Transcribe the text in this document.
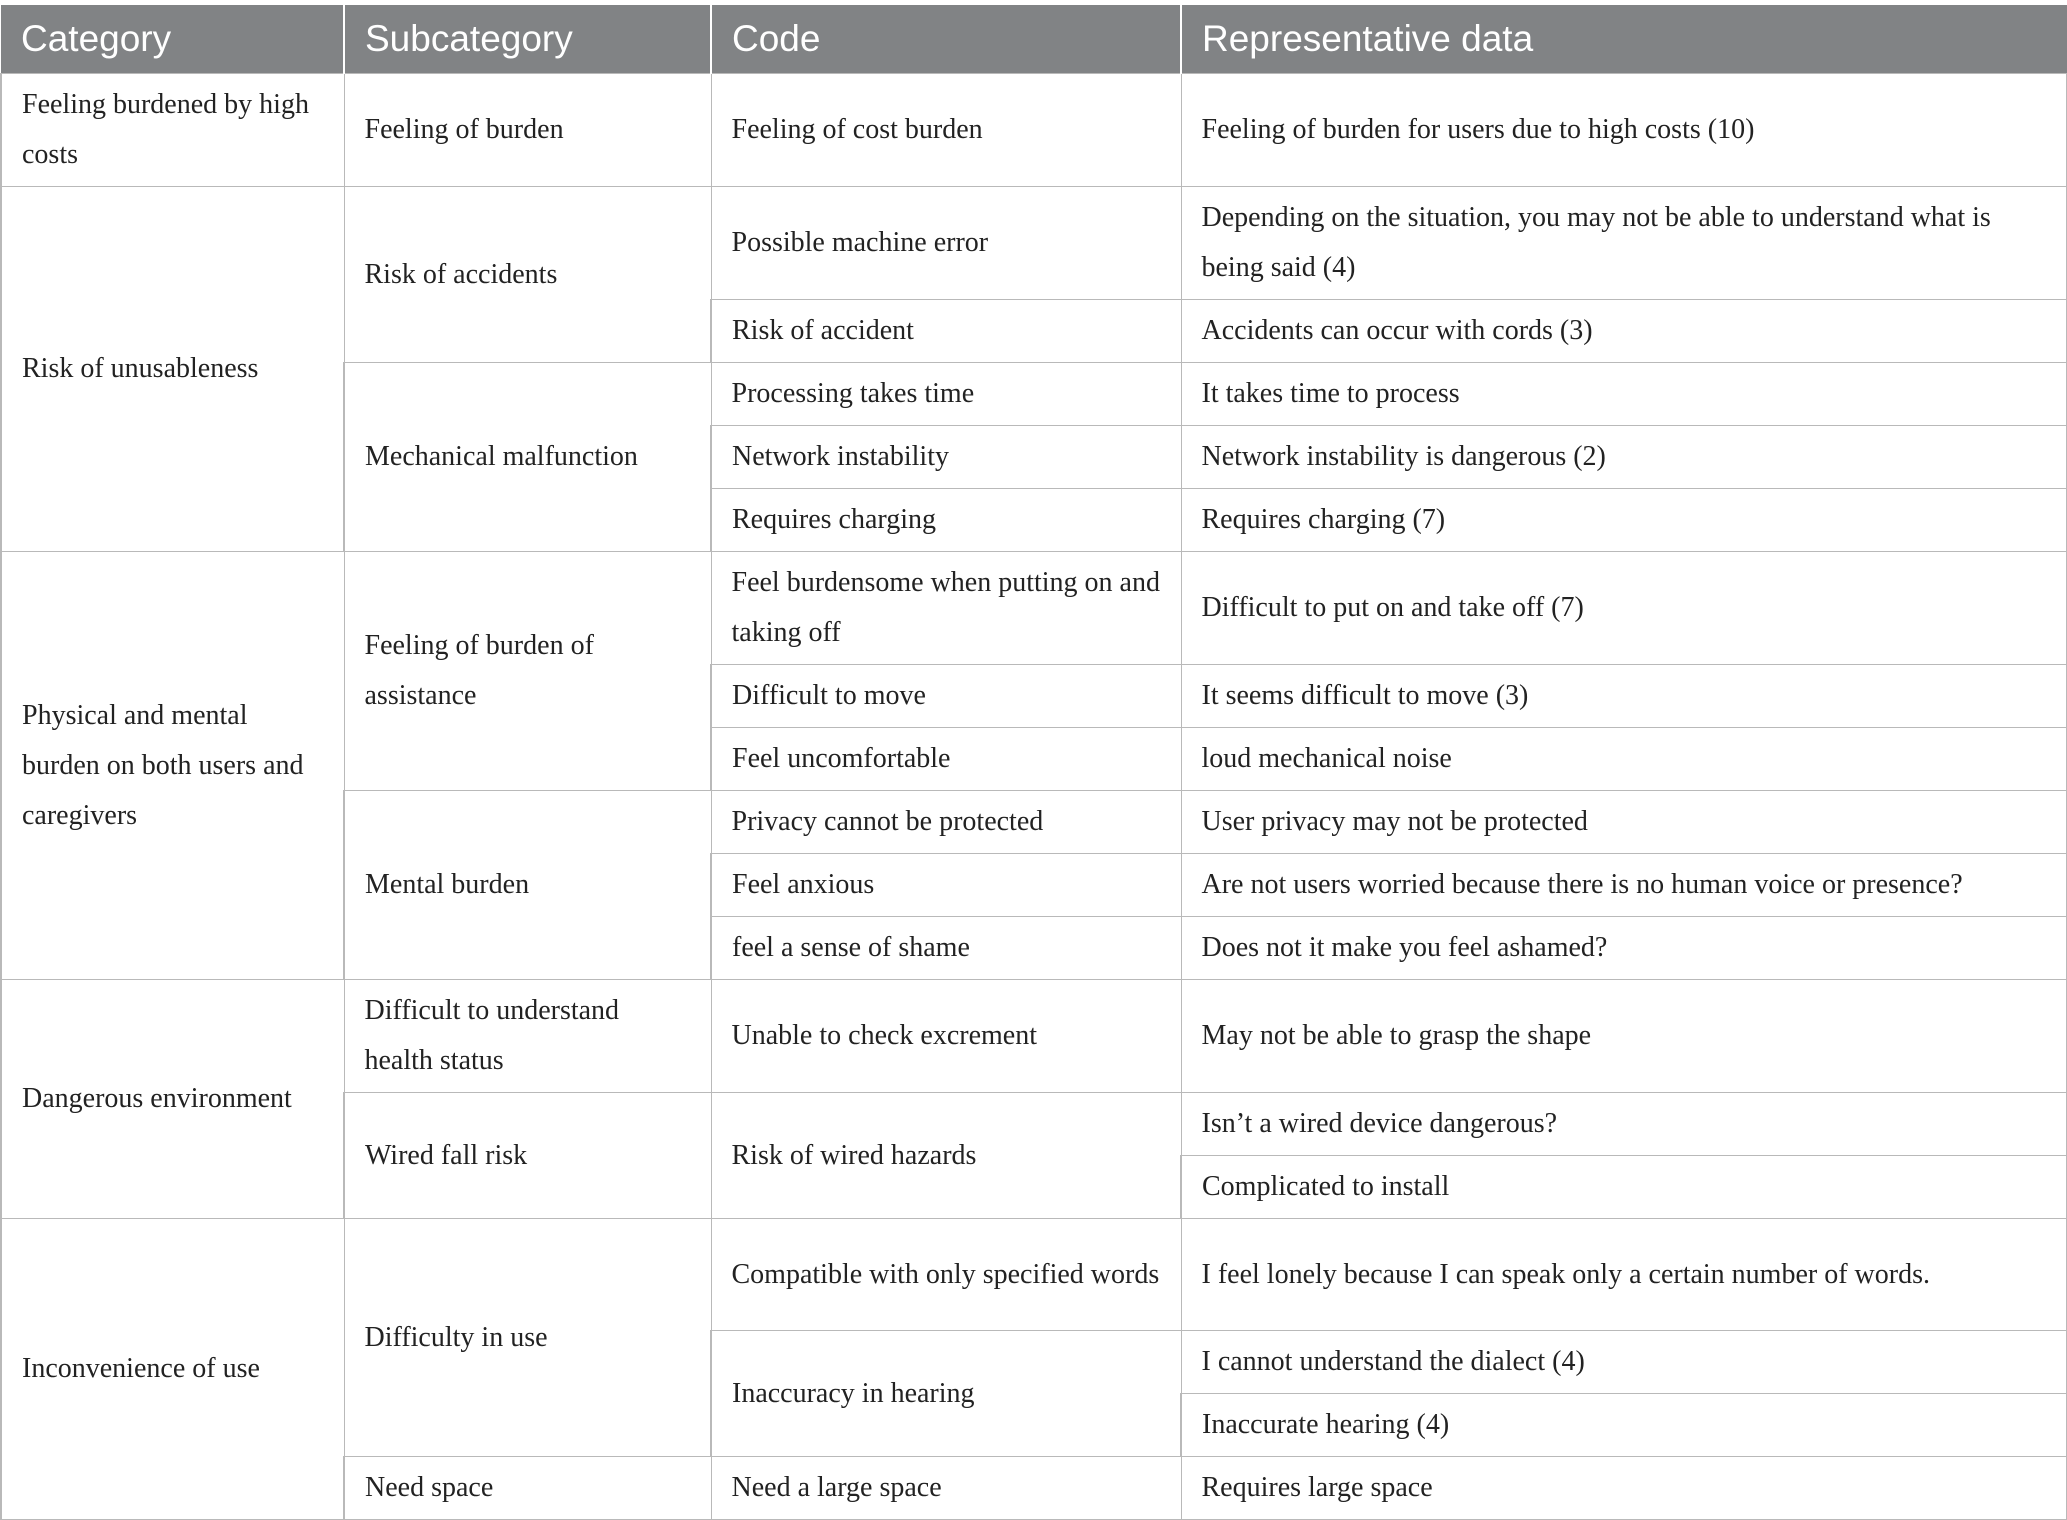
Category	Subcategory	Code	Representative data
Feeling burdened by high costs	Feeling of burden	Feeling of cost burden	Feeling of burden for users due to high costs (10)
Risk of unusableness	Risk of accidents	Possible machine error	Depending on the situation, you may not be able to understand what is being said (4)
		Risk of accident	Accidents can occur with cords (3)
	Mechanical malfunction	Processing takes time	It takes time to process
		Network instability	Network instability is dangerous (2)
		Requires charging	Requires charging (7)
Physical and mental burden on both users and caregivers	Feeling of burden of assistance	Feel burdensome when putting on and taking off	Difficult to put on and take off (7)
		Difficult to move	It seems difficult to move (3)
		Feel uncomfortable	loud mechanical noise
	Mental burden	Privacy cannot be protected	User privacy may not be protected
		Feel anxious	Are not users worried because there is no human voice or presence?
		feel a sense of shame	Does not it make you feel ashamed?
Dangerous environment	Difficult to understand health status	Unable to check excrement	May not be able to grasp the shape
	Wired fall risk	Risk of wired hazards	Isn’t a wired device dangerous?
			Complicated to install
Inconvenience of use	Difficulty in use	Compatible with only specified words	I feel lonely because I can speak only a certain number of words.
		Inaccuracy in hearing	I cannot understand the dialect (4)
			Inaccurate hearing (4)
	Need space	Need a large space	Requires large space
